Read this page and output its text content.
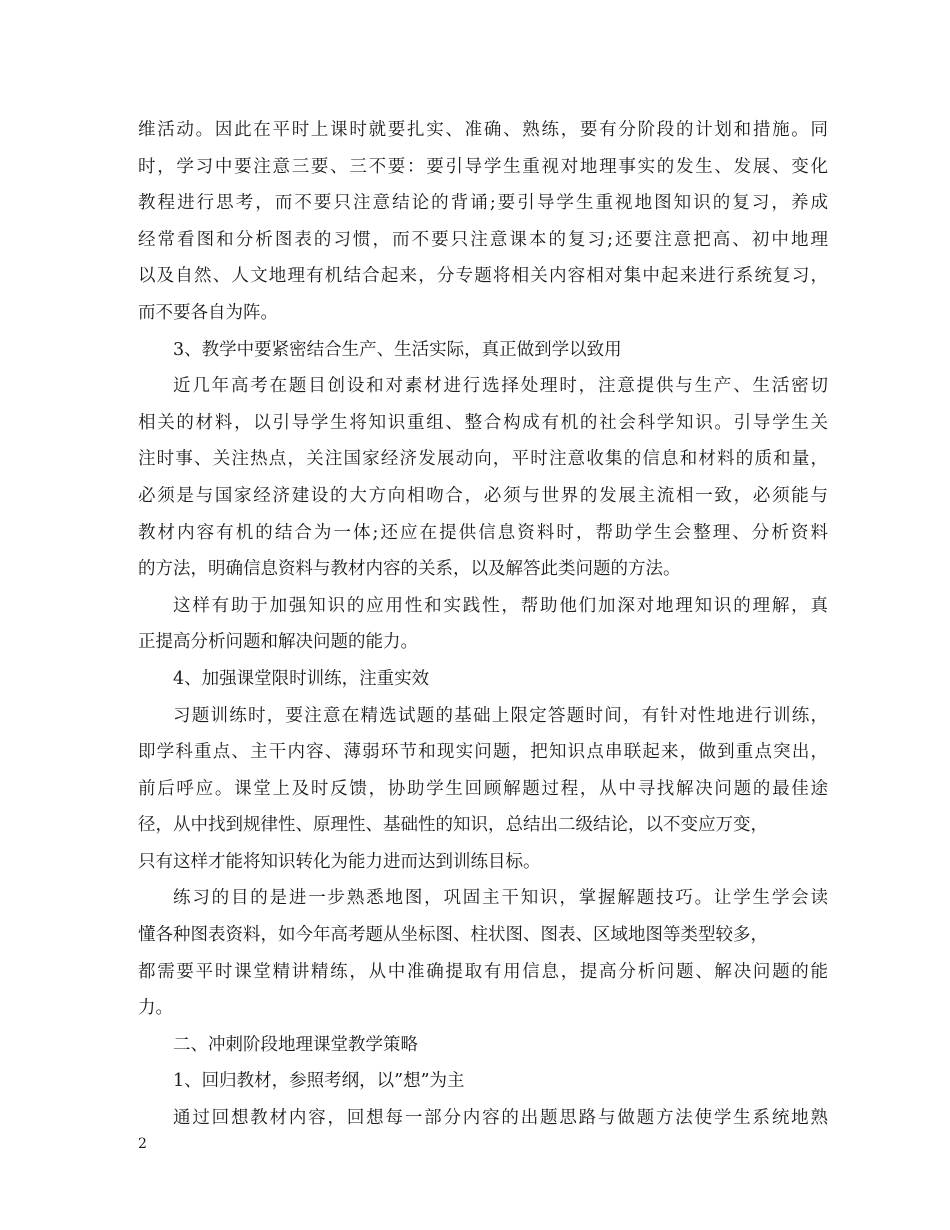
维活动。因此在平时上课时就要扎实、准确、熟练，要有分阶段的计划和措施。同
时，学习中要注意三要、三不要：要引导学生重视对地理事实的发生、发展、变化
教程进行思考，而不要只注意结论的背诵;要引导学生重视地图知识的复习，养成
经常看图和分析图表的习惯，而不要只注意课本的复习;还要注意把高、初中地理
以及自然、人文地理有机结合起来，分专题将相关内容相对集中起来进行系统复习，
而不要各自为阵。
3、教学中要紧密结合生产、生活实际，真正做到学以致用
近几年高考在题目创设和对素材进行选择处理时，注意提供与生产、生活密切
相关的材料，以引导学生将知识重组、整合构成有机的社会科学知识。引导学生关
注时事、关注热点，关注国家经济发展动向，平时注意收集的信息和材料的质和量，
必须是与国家经济建设的大方向相吻合，必须与世界的发展主流相一致，必须能与
教材内容有机的结合为一体;还应在提供信息资料时，帮助学生会整理、分析资料
的方法，明确信息资料与教材内容的关系，以及解答此类问题的方法。
这样有助于加强知识的应用性和实践性，帮助他们加深对地理知识的理解，真
正提高分析问题和解决问题的能力。
4、加强课堂限时训练，注重实效
习题训练时，要注意在精选试题的基础上限定答题时间，有针对性地进行训练，
即学科重点、主干内容、薄弱环节和现实问题，把知识点串联起来，做到重点突出，
前后呼应。课堂上及时反馈，协助学生回顾解题过程，从中寻找解决问题的最佳途
径，从中找到规律性、原理性、基础性的知识，总结出二级结论，以不变应万变，
只有这样才能将知识转化为能力进而达到训练目标。
练习的目的是进一步熟悉地图，巩固主干知识，掌握解题技巧。让学生学会读
懂各种图表资料，如今年高考题从坐标图、柱状图、图表、区域地图等类型较多，
都需要平时课堂精讲精练，从中准确提取有用信息，提高分析问题、解决问题的能
力。
二、冲刺阶段地理课堂教学策略
1、回归教材，参照考纲，以”想”为主
通过回想教材内容，回想每一部分内容的出题思路与做题方法使学生系统地熟

2
